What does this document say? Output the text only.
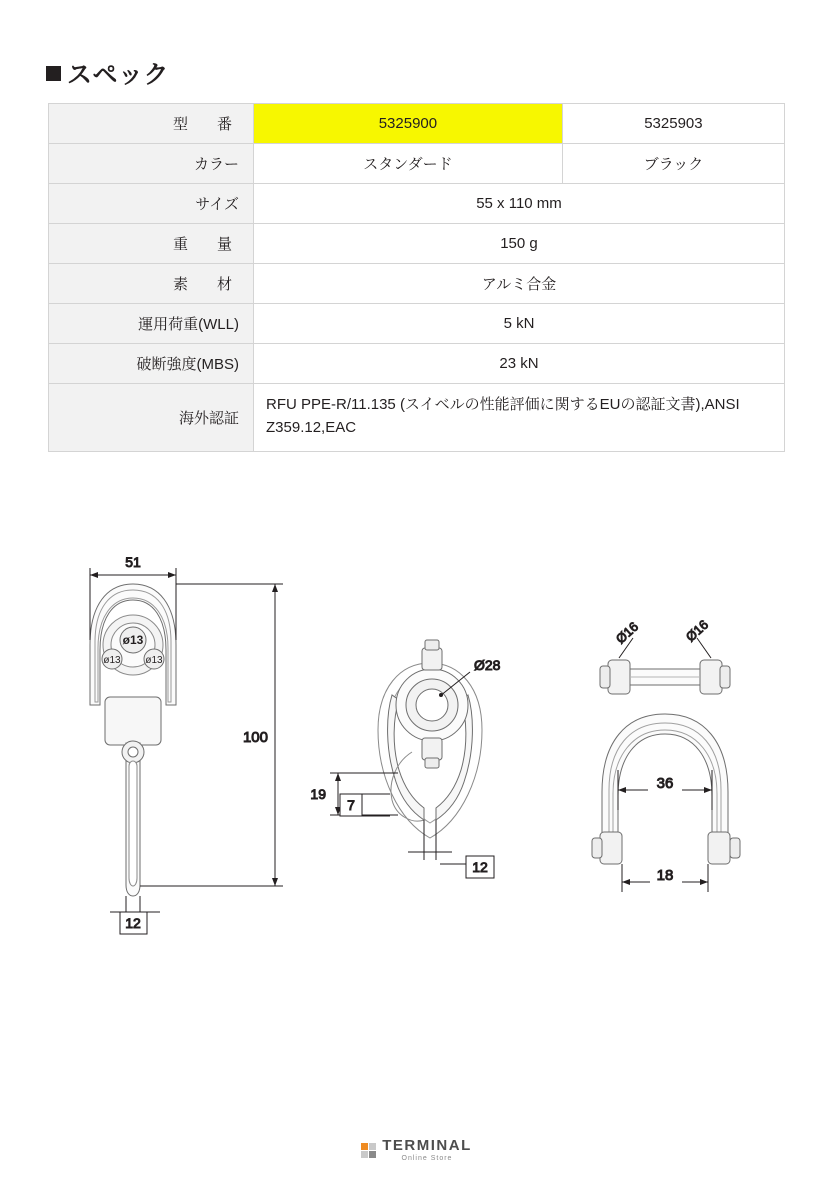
スペック
型　番	5325900	5325903
カラー	スタンダード	ブラック
サイズ	55 x 110 mm	
重　量	150 g	
素　材	アルミ合金	
運用荷重(WLL)	5 kN	
破断強度(MBS)	23 kN	
海外認証	RFU PPE-R/11.135 (スイベルの性能評価に関するEUの認証文書),ANSI Z359.12,EAC	
51
100
12
ø13
ø13 ø13	Ø28
19
7
12
Ø16	Ø16
36
18
TERMINAL
Online Store
